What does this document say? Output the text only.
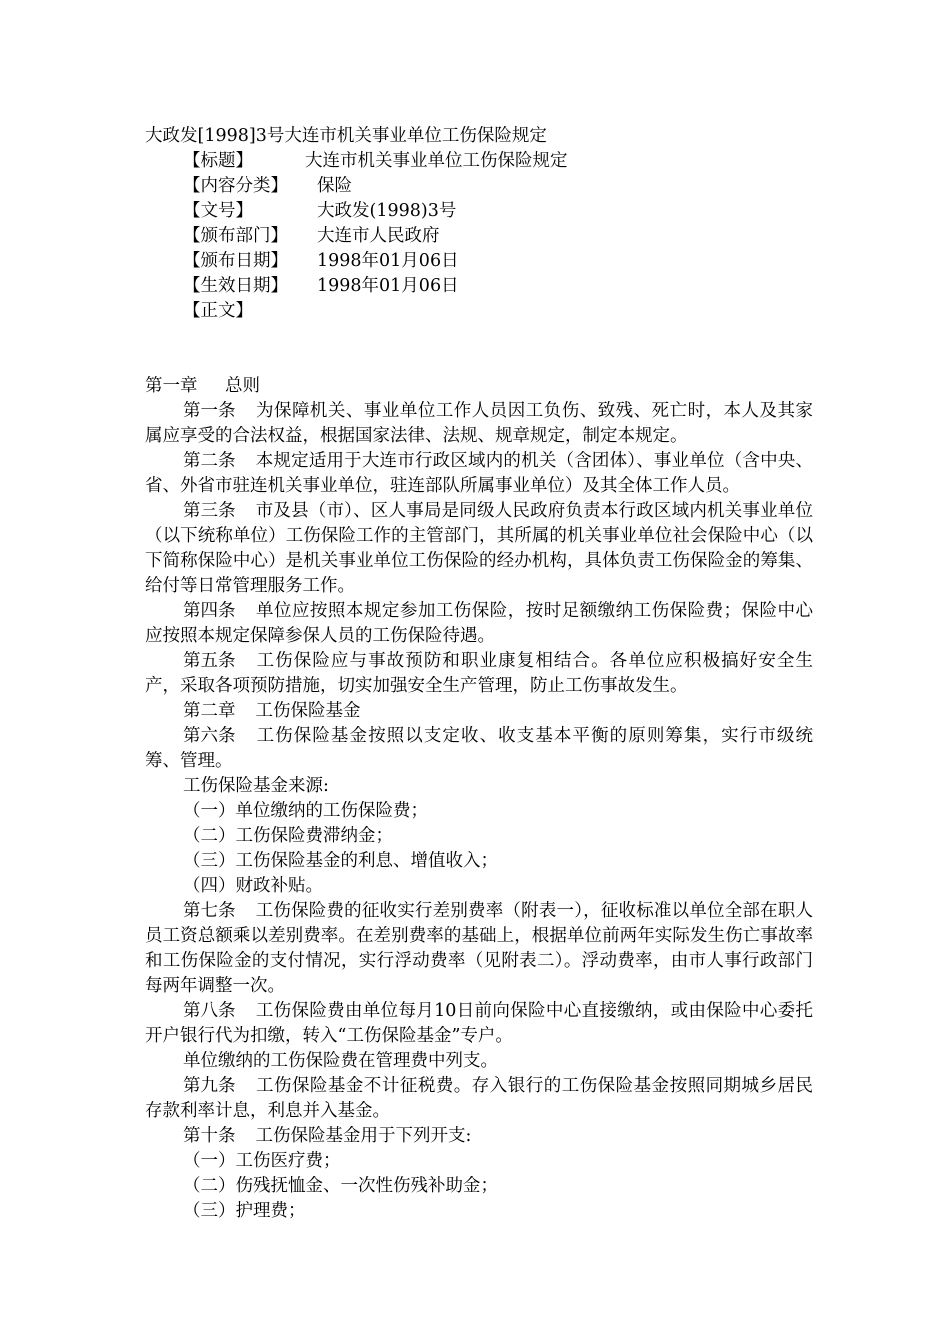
大政发[1998]3号大连市机关事业单位工伤保险规定
【标题】	大连市机关事业单位工伤保险规定
【内容分类】	保险
【文号】	大政发(1998)3号
【颁布部门】	大连市人民政府
【颁布日期】	1998年01月06日
【生效日期】	1998年01月06日
【正文】
第一章 总则

第一条 为保障机关、事业单位工作人员因工负伤、致残、死亡时，本人及其家属应享受的合法权益，根据国家法律、法规、规章规定，制定本规定。

第二条 本规定适用于大连市行政区域内的机关（含团体）、事业单位（含中央、省、外省市驻连机关事业单位，驻连部队所属事业单位）及其全体工作人员。

第三条 市及县（市）、区人事局是同级人民政府负责本行政区域内机关事业单位（以下统称单位）工伤保险工作的主管部门，其所属的机关事业单位社会保险中心（以下简称保险中心）是机关事业单位工伤保险的经办机构，具体负责工伤保险金的筹集、给付等日常管理服务工作。

第四条 单位应按照本规定参加工伤保险，按时足额缴纳工伤保险费；保险中心应按照本规定保障参保人员的工伤保险待遇。

第五条 工伤保险应与事故预防和职业康复相结合。各单位应积极搞好安全生产，采取各项预防措施，切实加强安全生产管理，防止工伤事故发生。

第二章 工伤保险基金

第六条 工伤保险基金按照以支定收、收支基本平衡的原则筹集，实行市级统筹、管理。

工伤保险基金来源:

（一）单位缴纳的工伤保险费；

（二）工伤保险费滞纳金；

（三）工伤保险基金的利息、增值收入；

（四）财政补贴。

第七条 工伤保险费的征收实行差别费率（附表一），征收标准以单位全部在职人员工资总额乘以差别费率。在差别费率的基础上，根据单位前两年实际发生伤亡事故率和工伤保险金的支付情况，实行浮动费率（见附表二）。浮动费率，由市人事行政部门每两年调整一次。

第八条 工伤保险费由单位每月10日前向保险中心直接缴纳，或由保险中心委托开户银行代为扣缴，转入“工伤保险基金”专户。

单位缴纳的工伤保险费在管理费中列支。

第九条 工伤保险基金不计征税费。存入银行的工伤保险基金按照同期城乡居民存款利率计息，利息并入基金。

第十条 工伤保险基金用于下列开支:

（一）工伤医疗费；

（二）伤残抚恤金、一次性伤残补助金；

（三）护理费；
